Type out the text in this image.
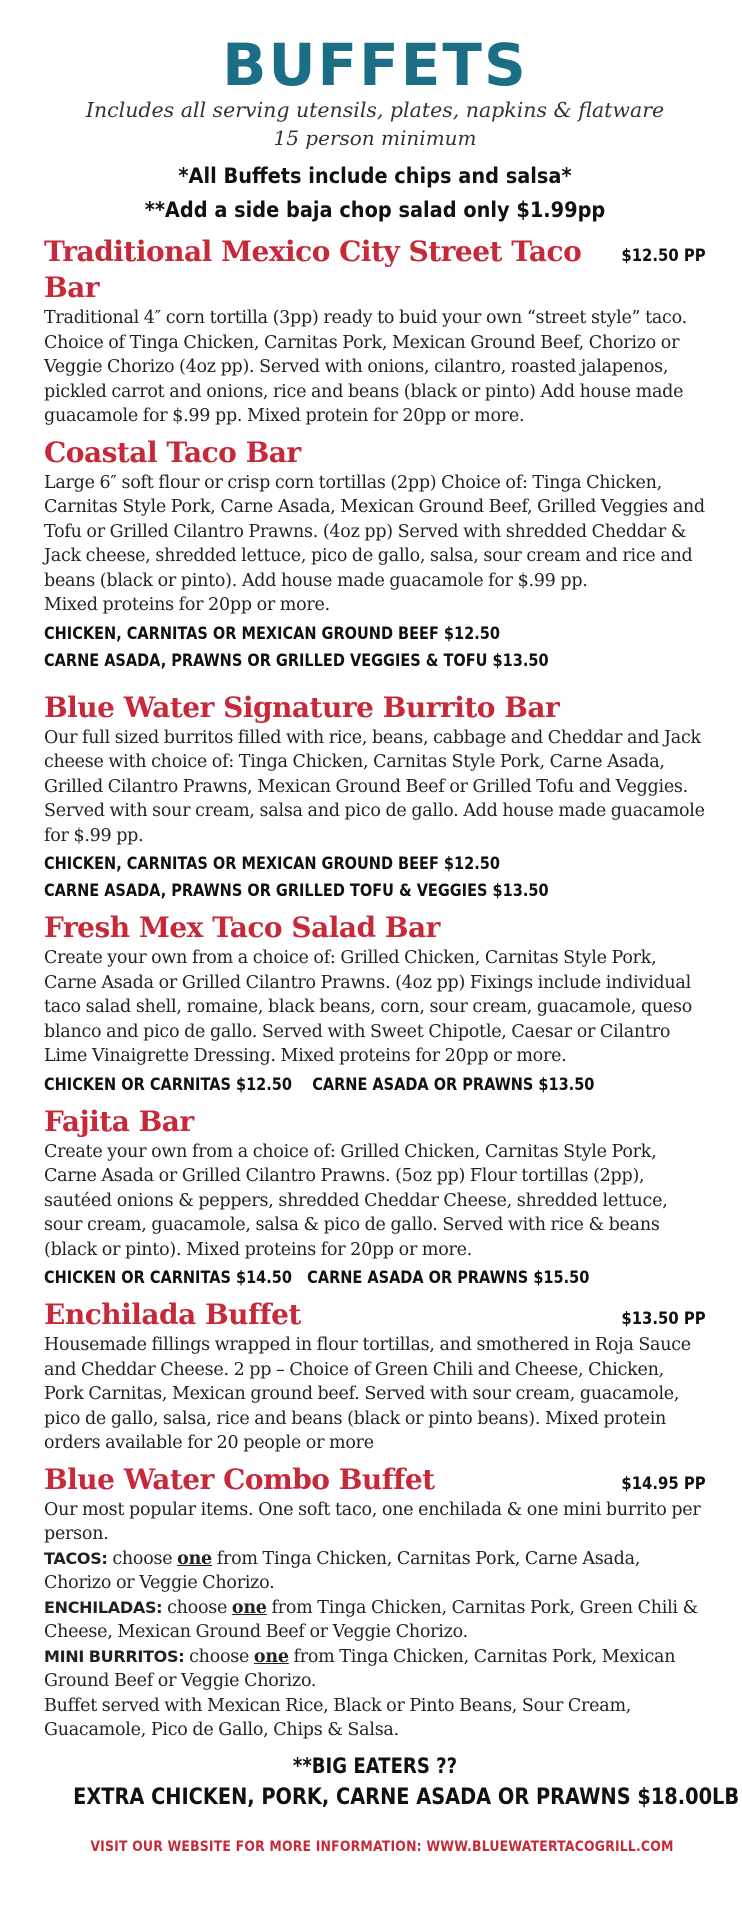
BUFFETS
Includes all serving utensils, plates, napkins & flatware
15 person minimum
*All Buffets include chips and salsa*
**Add a side baja chop salad only $1.99pp
Traditional Mexico City Street Taco Bar
$12.50 PP
Traditional 4″ corn tortilla (3pp) ready to buid your own “street style” taco. Choice of Tinga Chicken, Carnitas Pork, Mexican Ground Beef, Chorizo or Veggie Chorizo (4oz pp). Served with onions, cilantro, roasted jalapenos, pickled carrot and onions, rice and beans (black or pinto) Add house made guacamole for $.99 pp. Mixed protein for 20pp or more.
Coastal Taco Bar
Large 6″ soft flour or crisp corn tortillas (2pp) Choice of: Tinga Chicken, Carnitas Style Pork, Carne Asada, Mexican Ground Beef, Grilled Veggies and Tofu or Grilled Cilantro Prawns. (4oz pp) Served with shredded Cheddar & Jack cheese, shredded lettuce, pico de gallo, salsa, sour cream and rice and beans (black or pinto). Add house made guacamole for $.99 pp.
Mixed proteins for 20pp or more.
CHICKEN, CARNITAS OR MEXICAN GROUND BEEF $12.50
CARNE ASADA, PRAWNS OR GRILLED VEGGIES & TOFU $13.50
Blue Water Signature Burrito Bar
Our full sized burritos filled with rice, beans, cabbage and Cheddar and Jack cheese with choice of: Tinga Chicken, Carnitas Style Pork, Carne Asada, Grilled Cilantro Prawns, Mexican Ground Beef or Grilled Tofu and Veggies. Served with sour cream, salsa and pico de gallo. Add house made guacamole for $.99 pp.
CHICKEN, CARNITAS OR MEXICAN GROUND BEEF $12.50
CARNE ASADA, PRAWNS OR GRILLED TOFU & VEGGIES $13.50
Fresh Mex Taco Salad Bar
Create your own from a choice of: Grilled Chicken, Carnitas Style Pork, Carne Asada or Grilled Cilantro Prawns. (4oz pp) Fixings include individual taco salad shell, romaine, black beans, corn, sour cream, guacamole, queso blanco and pico de gallo. Served with Sweet Chipotle, Caesar or Cilantro Lime Vinaigrette Dressing. Mixed proteins for 20pp or more.
CHICKEN OR CARNITAS $12.50    CARNE ASADA OR PRAWNS $13.50
Fajita Bar
Create your own from a choice of: Grilled Chicken, Carnitas Style Pork, Carne Asada or Grilled Cilantro Prawns. (5oz pp) Flour tortillas (2pp), sautéed onions & peppers, shredded Cheddar Cheese, shredded lettuce, sour cream, guacamole, salsa & pico de gallo. Served with rice & beans (black or pinto). Mixed proteins for 20pp or more.
CHICKEN OR CARNITAS $14.50   CARNE ASADA OR PRAWNS $15.50
Enchilada Buffet	$13.50 PP
Housemade fillings wrapped in flour tortillas, and smothered in Roja Sauce and Cheddar Cheese. 2 pp – Choice of Green Chili and Cheese, Chicken, Pork Carnitas, Mexican ground beef. Served with sour cream, guacamole, pico de gallo, salsa, rice and beans (black or pinto beans). Mixed protein orders available for 20 people or more
Blue Water Combo Buffet	$14.95 PP
Our most popular items. One soft taco, one enchilada & one mini burrito per person.
TACOS: choose one from Tinga Chicken, Carnitas Pork, Carne Asada, Chorizo or Veggie Chorizo.
ENCHILADAS: choose one from Tinga Chicken, Carnitas Pork, Green Chili & Cheese, Mexican Ground Beef or Veggie Chorizo.
MINI BURRITOS: choose one from Tinga Chicken, Carnitas Pork, Mexican Ground Beef or Veggie Chorizo.
Buffet served with Mexican Rice, Black or Pinto Beans, Sour Cream, Guacamole, Pico de Gallo, Chips & Salsa.
**BIG EATERS ??
EXTRA CHICKEN, PORK, CARNE ASADA OR PRAWNS $18.00LB
VISIT OUR WEBSITE FOR MORE INFORMATION: WWW.BLUEWATERTACOGRILL.COM
